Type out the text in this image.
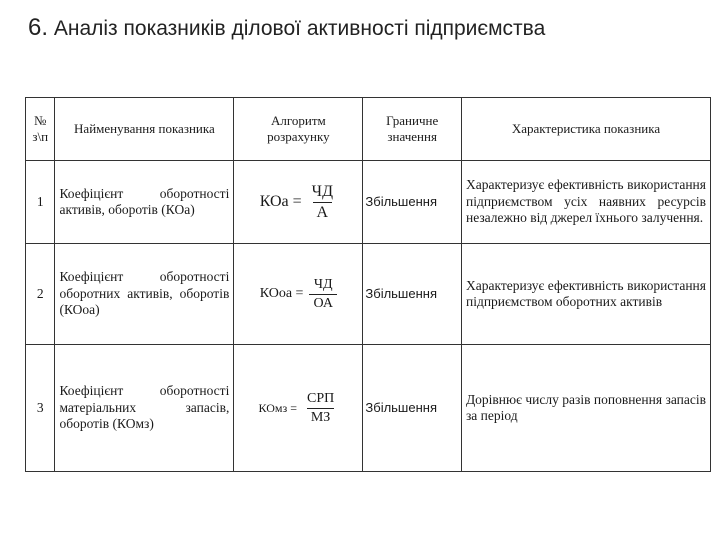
6. Аналіз показників ділової активності підприємства
№ з\п	Найменування показника	Алгоритм розрахунку	Граничне значення	Характеристика показника
1	Коефіцієнт оборотності активів, оборотів (КОа)	КОа = $\frac{ЧД}{А}$	Збільшення	Характеризує ефективність використання підприємством усіх наявних ресурсів незалежно від джерел їхнього залучення.
2	Коефіцієнт оборотності оборотних активів, оборотів (КОоа)	КОоа = $\frac{ЧД}{ОА}$	Збільшення	Характеризує ефективність використання підприємством оборотних активів
3	Коефіцієнт оборотності матеріальних запасів, оборотів (КОмз)	КОмз = $\frac{\text{СРП}}{МЗ}$	Збільшення	Дорівнює числу разів поповнення запасів за період
